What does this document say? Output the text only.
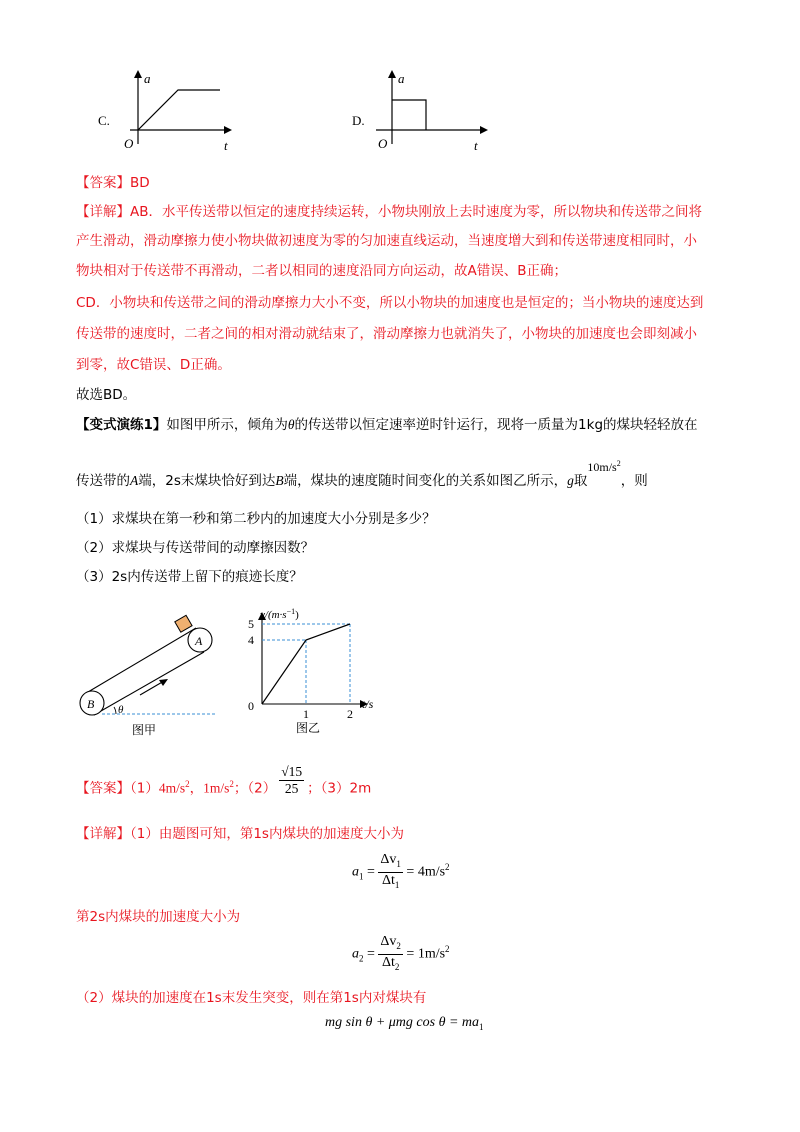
C.
a
t
O
D.
a
t
O
【答案】BD
【详解】AB．水平传送带以恒定的速度持续运转，小物块刚放上去时速度为零，所以物块和传送带之间将
产生滑动，滑动摩擦力使小物块做初速度为零的匀加速直线运动，当速度增大到和传送带速度相同时，小
物块相对于传送带不再滑动，二者以相同的速度沿同方向运动，故A错误、B正确；
CD．小物块和传送带之间的滑动摩擦力大小不变，所以小物块的加速度也是恒定的；当小物块的速度达到
传送带的速度时，二者之间的相对滑动就结束了，滑动摩擦力也就消失了，小物块的加速度也会即刻减小
到零，故C错误、D正确。
故选BD。
【变式演练1】如图甲所示，倾角为θ的传送带以恒定速率逆时针运行，现将一质量为1kg的煤块轻轻放在
传送带的A端，2s末煤块恰好到达B端，煤块的速度随时间变化的关系如图乙所示，g取$10m/s^2$，则
（1）求煤块在第一秒和第二秒内的加速度大小分别是多少？
（2）求煤块与传送带间的动摩擦因数？
（3）2s内传送带上留下的痕迹长度？
A
B θ
图甲
5
4
1	2
0
$v/(m\cdot s^{-1})$
t/s
图乙
【答案】$(1)4m/s^2$，$1m/s^2$；$(2) \frac{√15}{25}$ ；（3）2m
【详解】（1）由题图可知，第1s内煤块的加速度大小为
$a_1 = \frac{\Delta v_1}{\Delta t_1} = 4m/s^2$
第2s内煤块的加速度大小为
$a_2 = \frac{\Delta v_2}{\Delta t_2} = 1m/s^2$
（2）煤块的加速度在1s末发生突变，则在第1s内对煤块有
mg sin θ + μmg $\cos \theta = ma_1$
